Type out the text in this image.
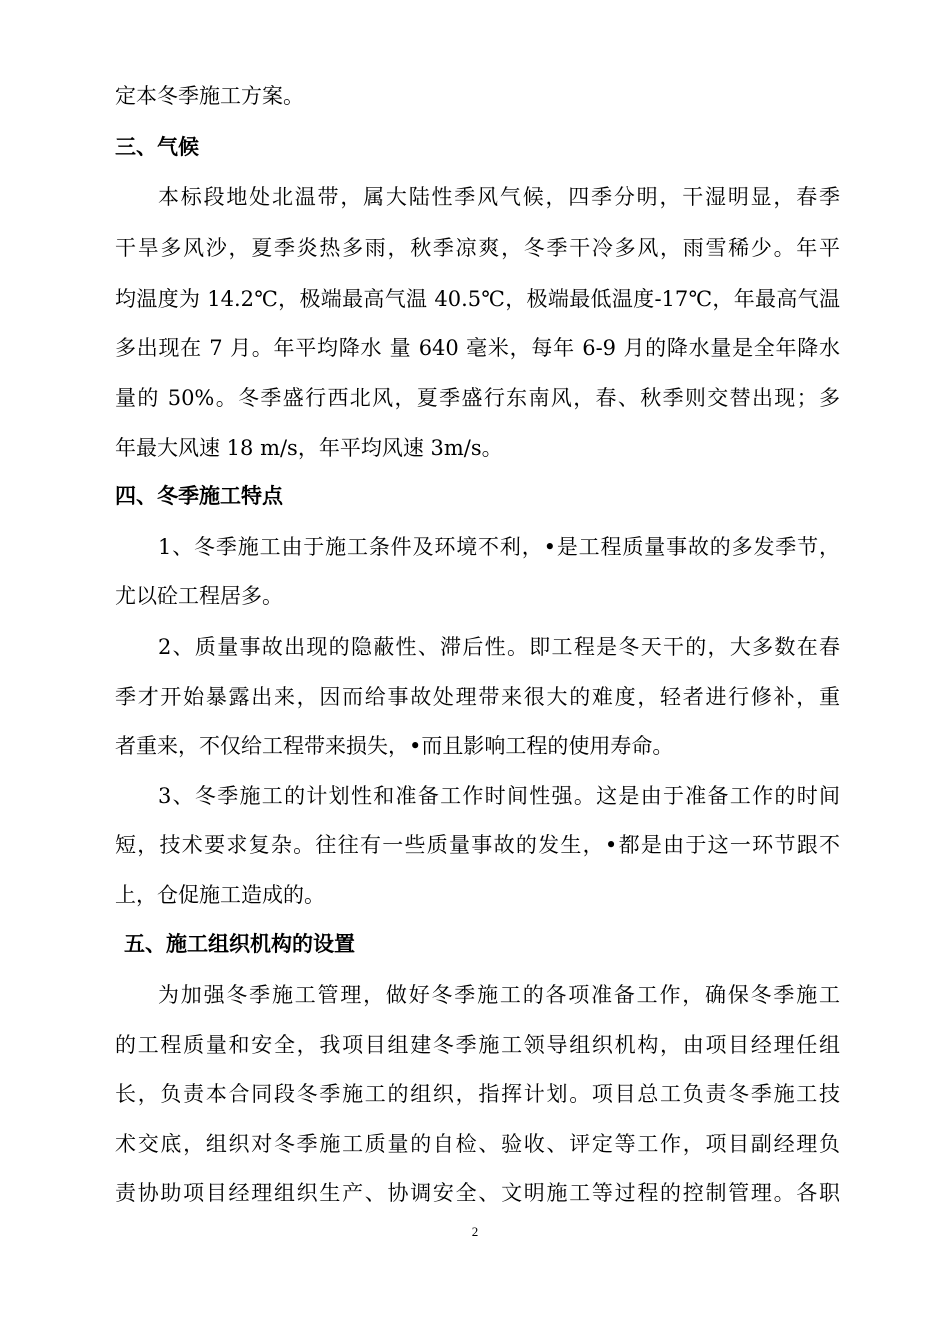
定本冬季施工方案。
三、气候
本标段地处北温带，属大陆性季风气候，四季分明，干湿明显，春季
干旱多风沙，夏季炎热多雨，秋季凉爽，冬季干冷多风，雨雪稀少。年平
均温度为 14.2℃，极端最高气温 40.5℃，极端最低温度-17℃，年最高气温
多出现在 7 月。年平均降水 量 640 毫米，每年 6-9 月的降水量是全年降水
量的 50%。冬季盛行西北风，夏季盛行东南风，春、秋季则交替出现；多
年最大风速 18 m/s，年平均风速 3m/s。
四、冬季施工特点
1、冬季施工由于施工条件及环境不利，•是工程质量事故的多发季节，
尤以砼工程居多。
2、质量事故出现的隐蔽性、滞后性。即工程是冬天干的，大多数在春
季才开始暴露出来，因而给事故处理带来很大的难度，轻者进行修补，重
者重来，不仅给工程带来损失，•而且影响工程的使用寿命。
3、冬季施工的计划性和准备工作时间性强。这是由于准备工作的时间
短，技术要求复杂。往往有一些质量事故的发生，•都是由于这一环节跟不
上，仓促施工造成的。
五、施工组织机构的设置
为加强冬季施工管理，做好冬季施工的各项准备工作，确保冬季施工
的工程质量和安全，我项目组建冬季施工领导组织机构，由项目经理任组
长，负责本合同段冬季施工的组织，指挥计划。项目总工负责冬季施工技
术交底，组织对冬季施工质量的自检、验收、评定等工作，项目副经理负
责协助项目经理组织生产、协调安全、文明施工等过程的控制管理。各职
2
